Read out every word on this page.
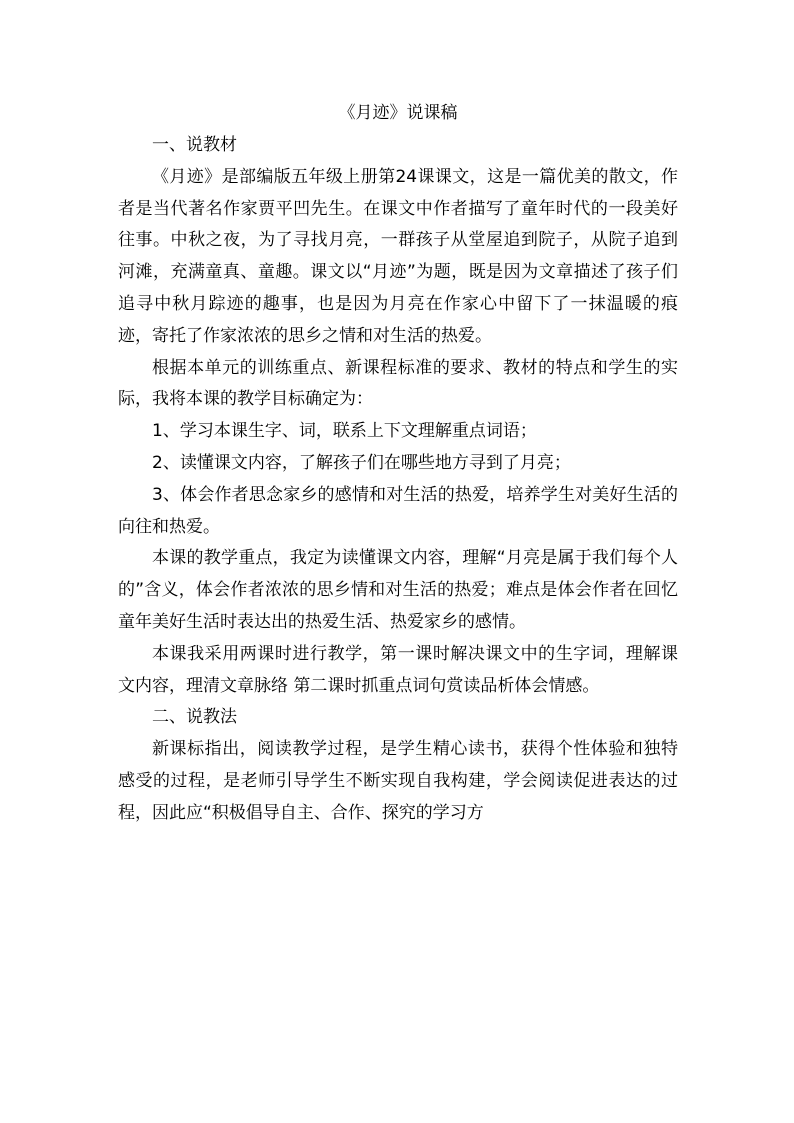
《月迹》说课稿

一、说教材

《月迹》是部编版五年级上册第24课课文，这是一篇优美的散文，作者是当代著名作家贾平凹先生。在课文中作者描写了童年时代的一段美好往事。中秋之夜，为了寻找月亮，一群孩子从堂屋追到院子，从院子追到河滩，充满童真、童趣。课文以“月迹”为题，既是因为文章描述了孩子们追寻中秋月踪迹的趣事，也是因为月亮在作家心中留下了一抹温暖的痕迹，寄托了作家浓浓的思乡之情和对生活的热爱。

根据本单元的训练重点、新课程标准的要求、教材的特点和学生的实际，我将本课的教学目标确定为：

1、学习本课生字、词，联系上下文理解重点词语；

2、读懂课文内容，了解孩子们在哪些地方寻到了月亮；

3、体会作者思念家乡的感情和对生活的热爱，培养学生对美好生活的向往和热爱。

本课的教学重点，我定为读懂课文内容，理解“月亮是属于我们每个人的”含义，体会作者浓浓的思乡情和对生活的热爱；难点是体会作者在回忆童年美好生活时表达出的热爱生活、热爱家乡的感情。

本课我采用两课时进行教学，第一课时解决课文中的生字词，理解课文内容，理清文章脉络 第二课时抓重点词句赏读品析体会情感。

二、说教法

新课标指出，阅读教学过程，是学生精心读书，获得个性体验和独特感受的过程，是老师引导学生不断实现自我构建，学会阅读促进表达的过程，因此应“积极倡导自主、合作、探究的学习方
